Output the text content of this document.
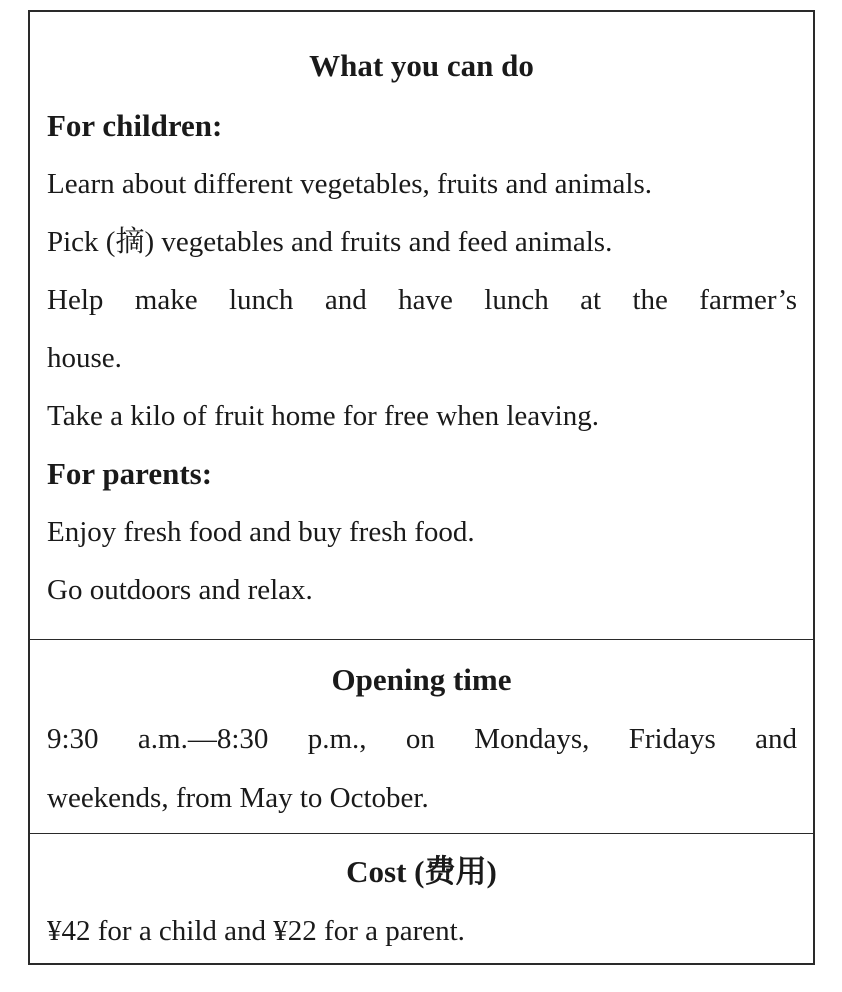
What you can do
For children:
Learn about different vegetables, fruits and animals.
Pick (摘) vegetables and fruits and feed animals.
Help make lunch and have lunch at the farmer’s
house.
Take a kilo of fruit home for free when leaving.
For parents:
Enjoy fresh food and buy fresh food.
Go outdoors and relax.
Opening time
9:30 a.m.—8:30 p.m., on Mondays, Fridays and
weekends, from May to October.
Cost (费用)
¥42 for a child and ¥22 for a parent.
